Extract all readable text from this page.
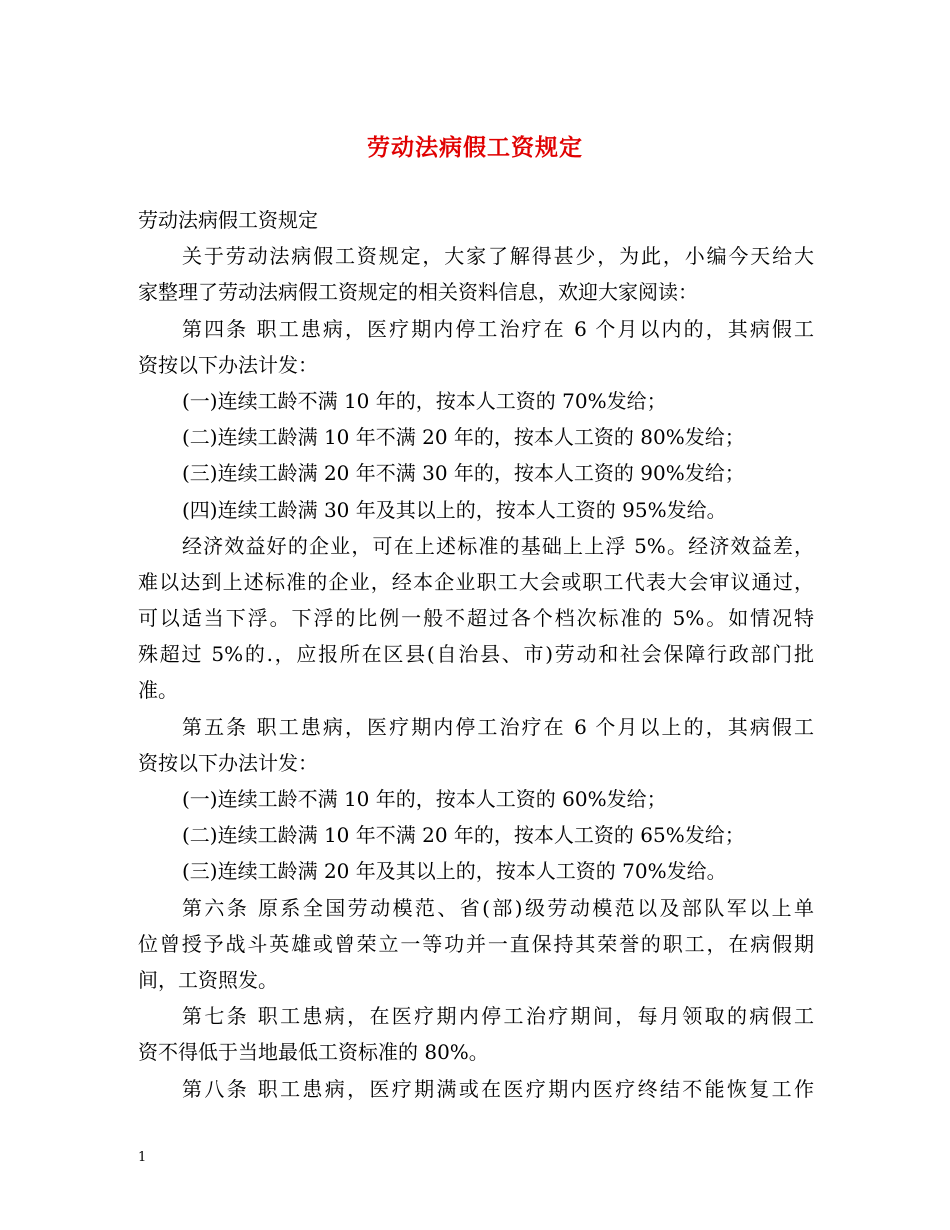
劳动法病假工资规定

劳动法病假工资规定

关于劳动法病假工资规定，大家了解得甚少，为此，小编今天给大

家整理了劳动法病假工资规定的相关资料信息，欢迎大家阅读：

第四条 职工患病，医疗期内停工治疗在 6 个月以内的，其病假工

资按以下办法计发：

(一)连续工龄不满 10 年的，按本人工资的 70%发给；

(二)连续工龄满 10 年不满 20 年的，按本人工资的 80%发给；

(三)连续工龄满 20 年不满 30 年的，按本人工资的 90%发给；

(四)连续工龄满 30 年及其以上的，按本人工资的 95%发给。

经济效益好的企业，可在上述标准的基础上上浮 5%。经济效益差，

难以达到上述标准的企业，经本企业职工大会或职工代表大会审议通过，

可以适当下浮。下浮的比例一般不超过各个档次标准的 5%。如情况特

殊超过 5%的.，应报所在区县(自治县、市)劳动和社会保障行政部门批

准。

第五条 职工患病，医疗期内停工治疗在 6 个月以上的，其病假工

资按以下办法计发：

(一)连续工龄不满 10 年的，按本人工资的 60%发给；

(二)连续工龄满 10 年不满 20 年的，按本人工资的 65%发给；

(三)连续工龄满 20 年及其以上的，按本人工资的 70%发给。

第六条 原系全国劳动模范、省(部)级劳动模范以及部队军以上单

位曾授予战斗英雄或曾荣立一等功并一直保持其荣誉的职工，在病假期

间，工资照发。

第七条 职工患病，在医疗期内停工治疗期间，每月领取的病假工

资不得低于当地最低工资标准的 80%。

第八条 职工患病，医疗期满或在医疗期内医疗终结不能恢复工作

1
